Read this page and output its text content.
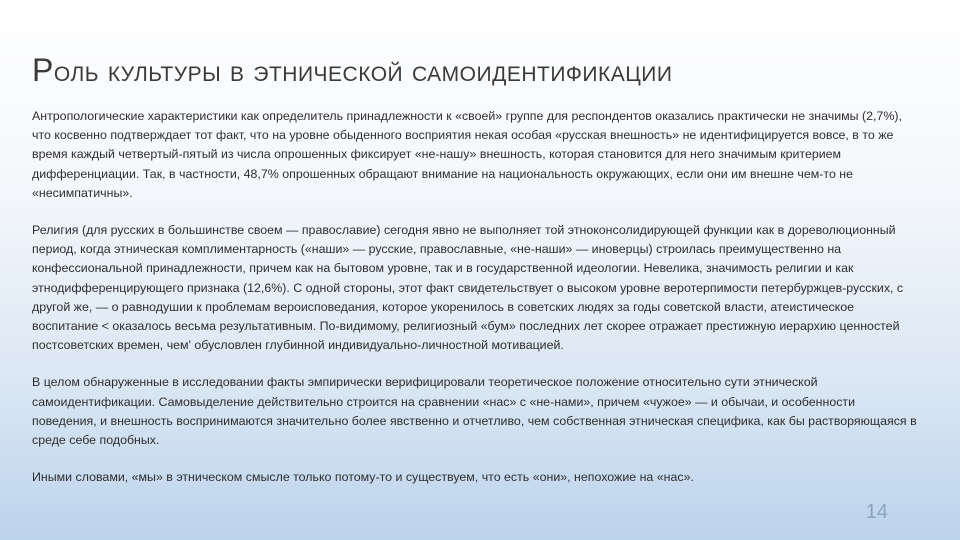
Роль культуры в этнической самоидентификации

Антропологические характеристики как определитель принадлежности к «своей» группе для респондентов оказались практически не значимы (2,7%), что косвенно подтверждает тот факт, что на уровне обыденного восприятия некая особая «русская внешность» не идентифицируется вовсе, в то же время каждый четвертый-пятый из числа опрошенных фиксирует «не-нашу» внешность, которая становится для него значимым критерием дифференциации. Так, в частности, 48,7% опрошенных обращают внимание на национальность окружающих, если они им внешне чем-то не «несимпатичны».

Религия (для русских в большинстве своем — православие) сегодня явно не выполняет той этноконсолидирующей функции как в дореволюционный период, когда этническая комплиментарность («наши» — русские, православные, «не-наши» — иноверцы) строилась преимущественно на конфессиональной принадлежности, причем как на бытовом уровне, так и в государственной идеологии. Невелика, значимость религии и как этнодифференцирующего признака (12,6%). С одной стороны, этот факт свидетельствует о высоком уровне веротерпимости петербуржцев-русских, с другой же, — о равнодушии к проблемам вероисповедания, которое укоренилось в советских людях за годы советской власти, атеистическое воспитание < оказалось весьма результативным. По-видимому, религиозный «бум» последних лет скорее отражает престижную иерархию ценностей постсоветских времен, чем' обусловлен глубинной индивидуально-личностной мотивацией.

В целом обнаруженные в исследовании факты эмпирически верифицировали теоретическое положение относительно сути этнической самоидентификации. Самовыделение действительно строится на сравнении «нас» с «не-нами», причем «чужое» — и обычаи, и особенности поведения, и внешность воспринимаются значительно более явственно и отчетливо, чем собственная этническая специфика, как бы растворяющаяся в среде себе подобных.

Иными словами, «мы» в этническом смысле только потому-то и существуем, что есть «они», непохожие на «нас».

14
